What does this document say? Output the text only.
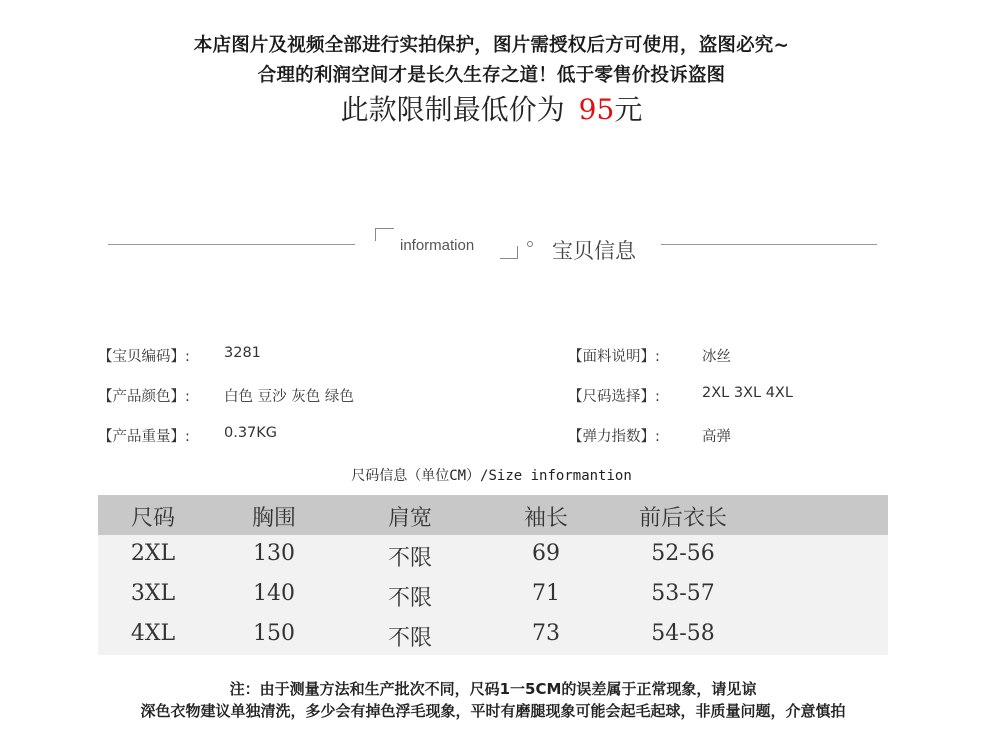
本店图片及视频全部进行实拍保护，图片需授权后方可使用，盗图必究~
合理的利润空间才是长久生存之道！低于零售价投诉盗图
此款限制最低价为 95元
information	宝贝信息
【宝贝编码】: 3281	【面料说明】:	冰丝
【产品颜色】: 白色 豆沙 灰色 绿色	【尺码选择】:	2XL 3XL 4XL
【产品重量】: 0.37KG	【弹力指数】:	高弹
尺码信息（单位CM）/Size informantion
尺码	胸围	肩宽	袖长	前后衣长
2XL	130	不限	69	52-56
3XL	140	不限	71	53-57
4XL	150	不限	73	54-58
注：由于测量方法和生产批次不同，尺码1一5CM的误差属于正常现象，请见谅
深色衣物建议单独清洗，多少会有掉色浮毛现象，平时有磨腿现象可能会起毛起球，非质量问题，介意慎拍
